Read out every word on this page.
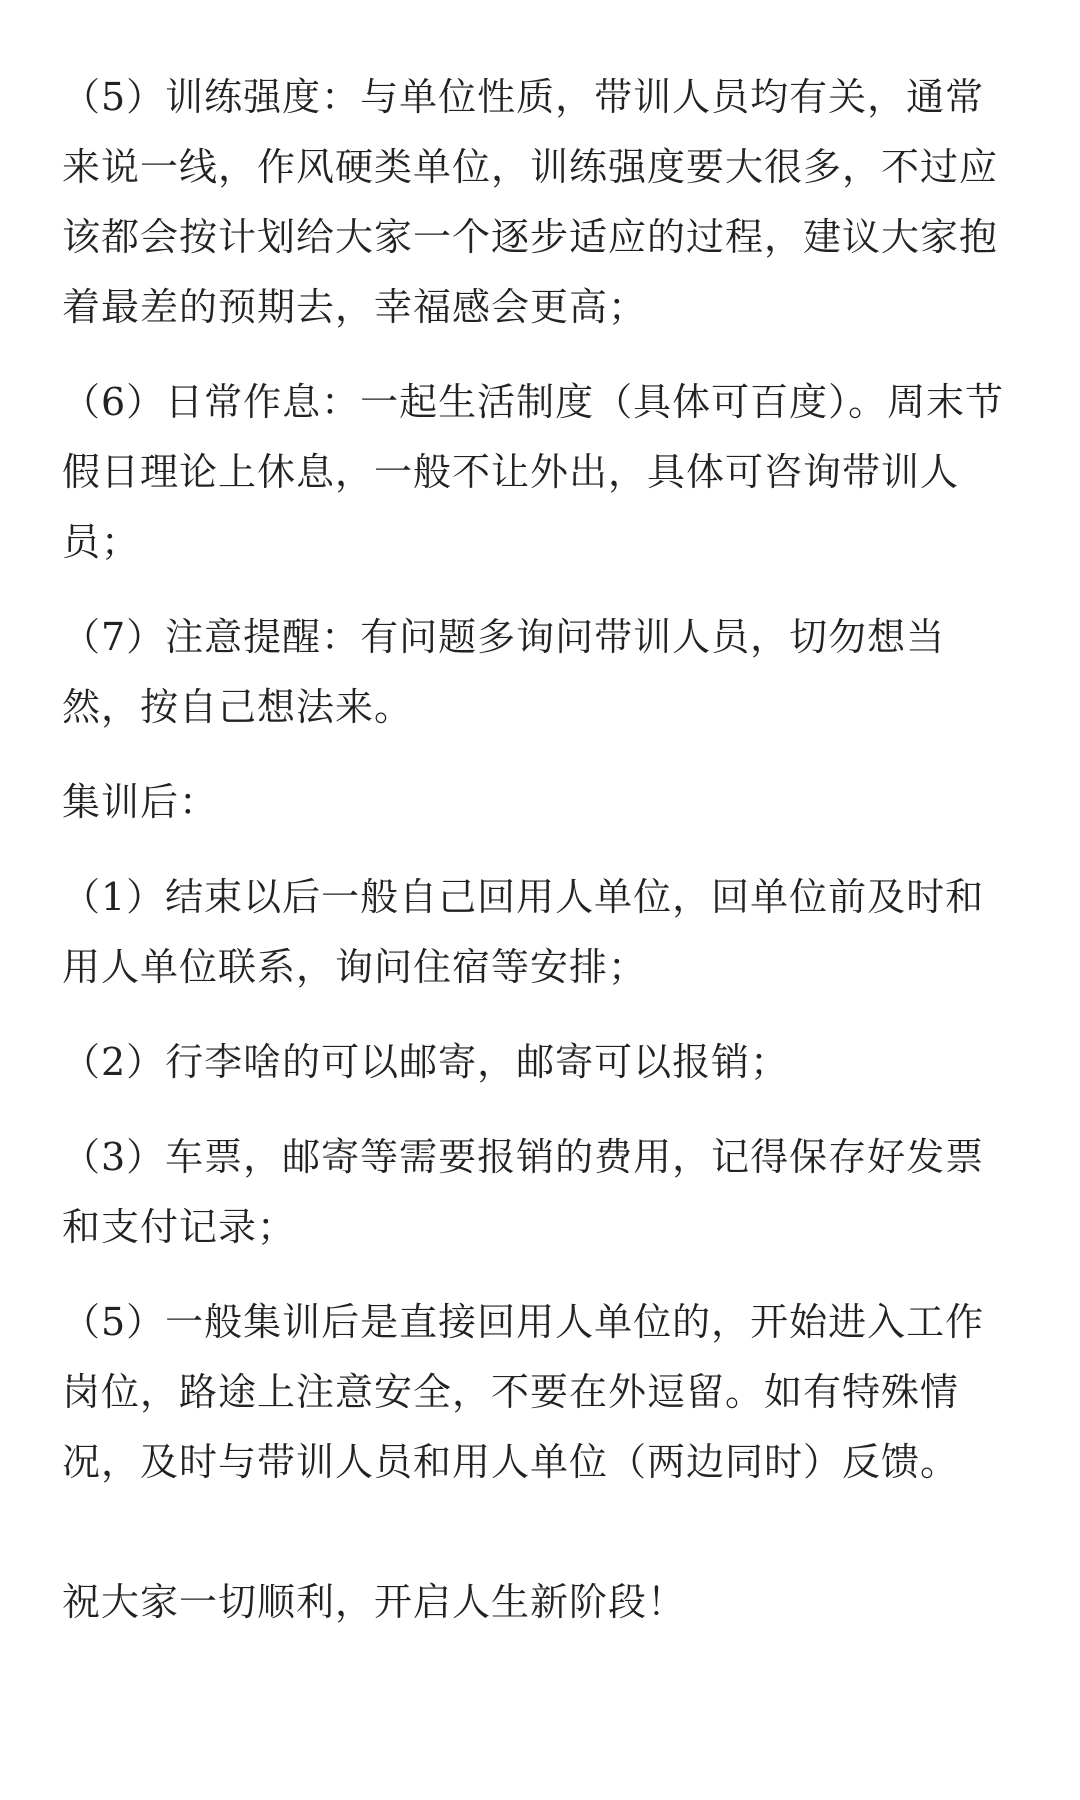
（5）训练强度：与单位性质，带训人员均有关，通常来说一线，作风硬类单位，训练强度要大很多，不过应该都会按计划给大家一个逐步适应的过程，建议大家抱着最差的预期去，幸福感会更高；

（6）日常作息：一起生活制度（具体可百度）。周末节假日理论上休息，一般不让外出，具体可咨询带训人员；

（7）注意提醒：有问题多询问带训人员，切勿想当然，按自己想法来。

集训后：

（1）结束以后一般自己回用人单位，回单位前及时和用人单位联系，询问住宿等安排；

（2）行李啥的可以邮寄，邮寄可以报销；

（3）车票，邮寄等需要报销的费用，记得保存好发票和支付记录；

（5）一般集训后是直接回用人单位的，开始进入工作岗位，路途上注意安全，不要在外逗留。如有特殊情况，及时与带训人员和用人单位（两边同时）反馈。

祝大家一切顺利，开启人生新阶段！
